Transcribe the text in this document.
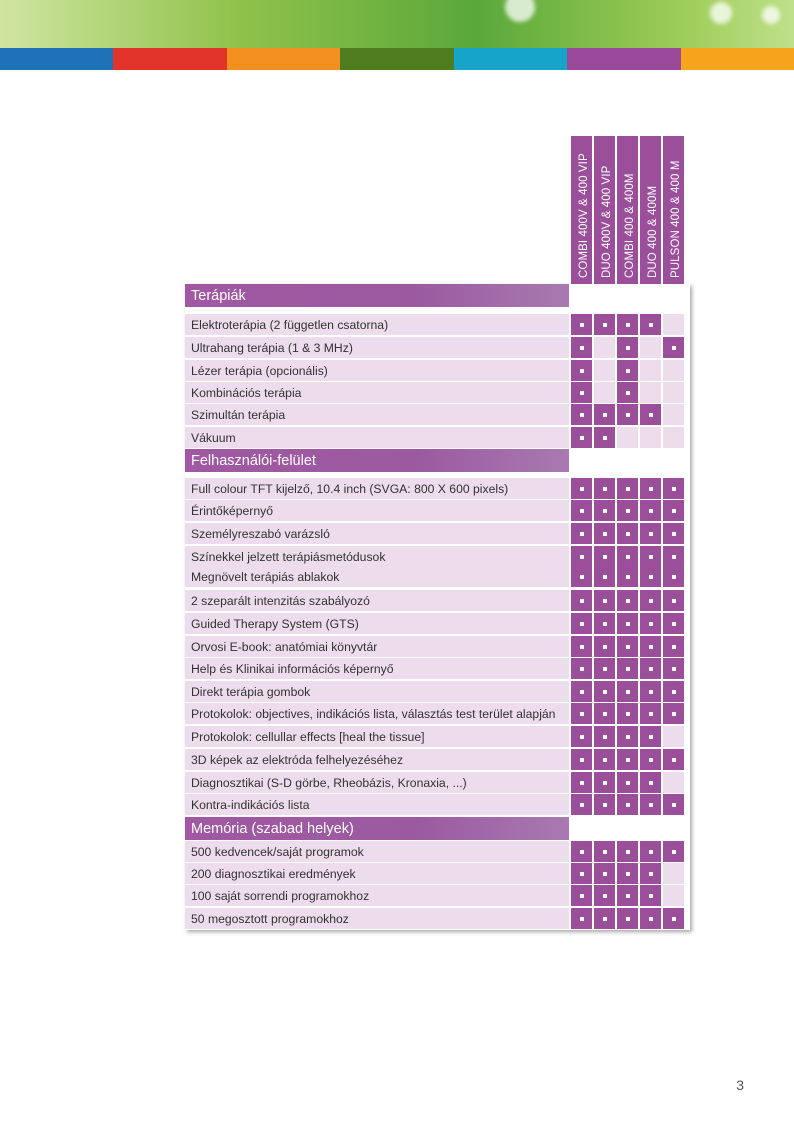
COMBI 400V & 400 VIP DUO 400V & 400 VIP COMBI 400 & 400M DUO 400 & 400M PULSON 400 & 400 M
Terápiák
Elektroterápia (2 független csatorna)
Ultrahang terápia (1 & 3 MHz)
Lézer terápia (opcionális)
Kombinációs terápia
Szimultán terápia
Vákuum
Felhasználói-felület
Full colour TFT kijelző, 10.4 inch (SVGA: 800 X 600 pixels)
Érintőképernyő
Személyreszabó varázsló
Színekkel jelzett terápiásmetódusok
Megnövelt terápiás ablakok
2 szeparált intenzitás szabályozó
Guided Therapy System (GTS)
Orvosi E-book: anatómiai könyvtár
Help és Klinikai információs képernyő
Direkt terápia gombok
Protokolok: objectives, indikációs lista, választás test terület alapján
Protokolok: cellullar effects [heal the tissue]
3D képek az elektróda felhelyezéséhez
Diagnosztikai (S-D görbe, Rheobázis, Kronaxia, ...)
Kontra-indikációs lista
Memória (szabad helyek)
500 kedvencek/saját programok
200 diagnosztikai eredmények
100 saját sorrendi programokhoz
50 megosztott programokhoz
3
